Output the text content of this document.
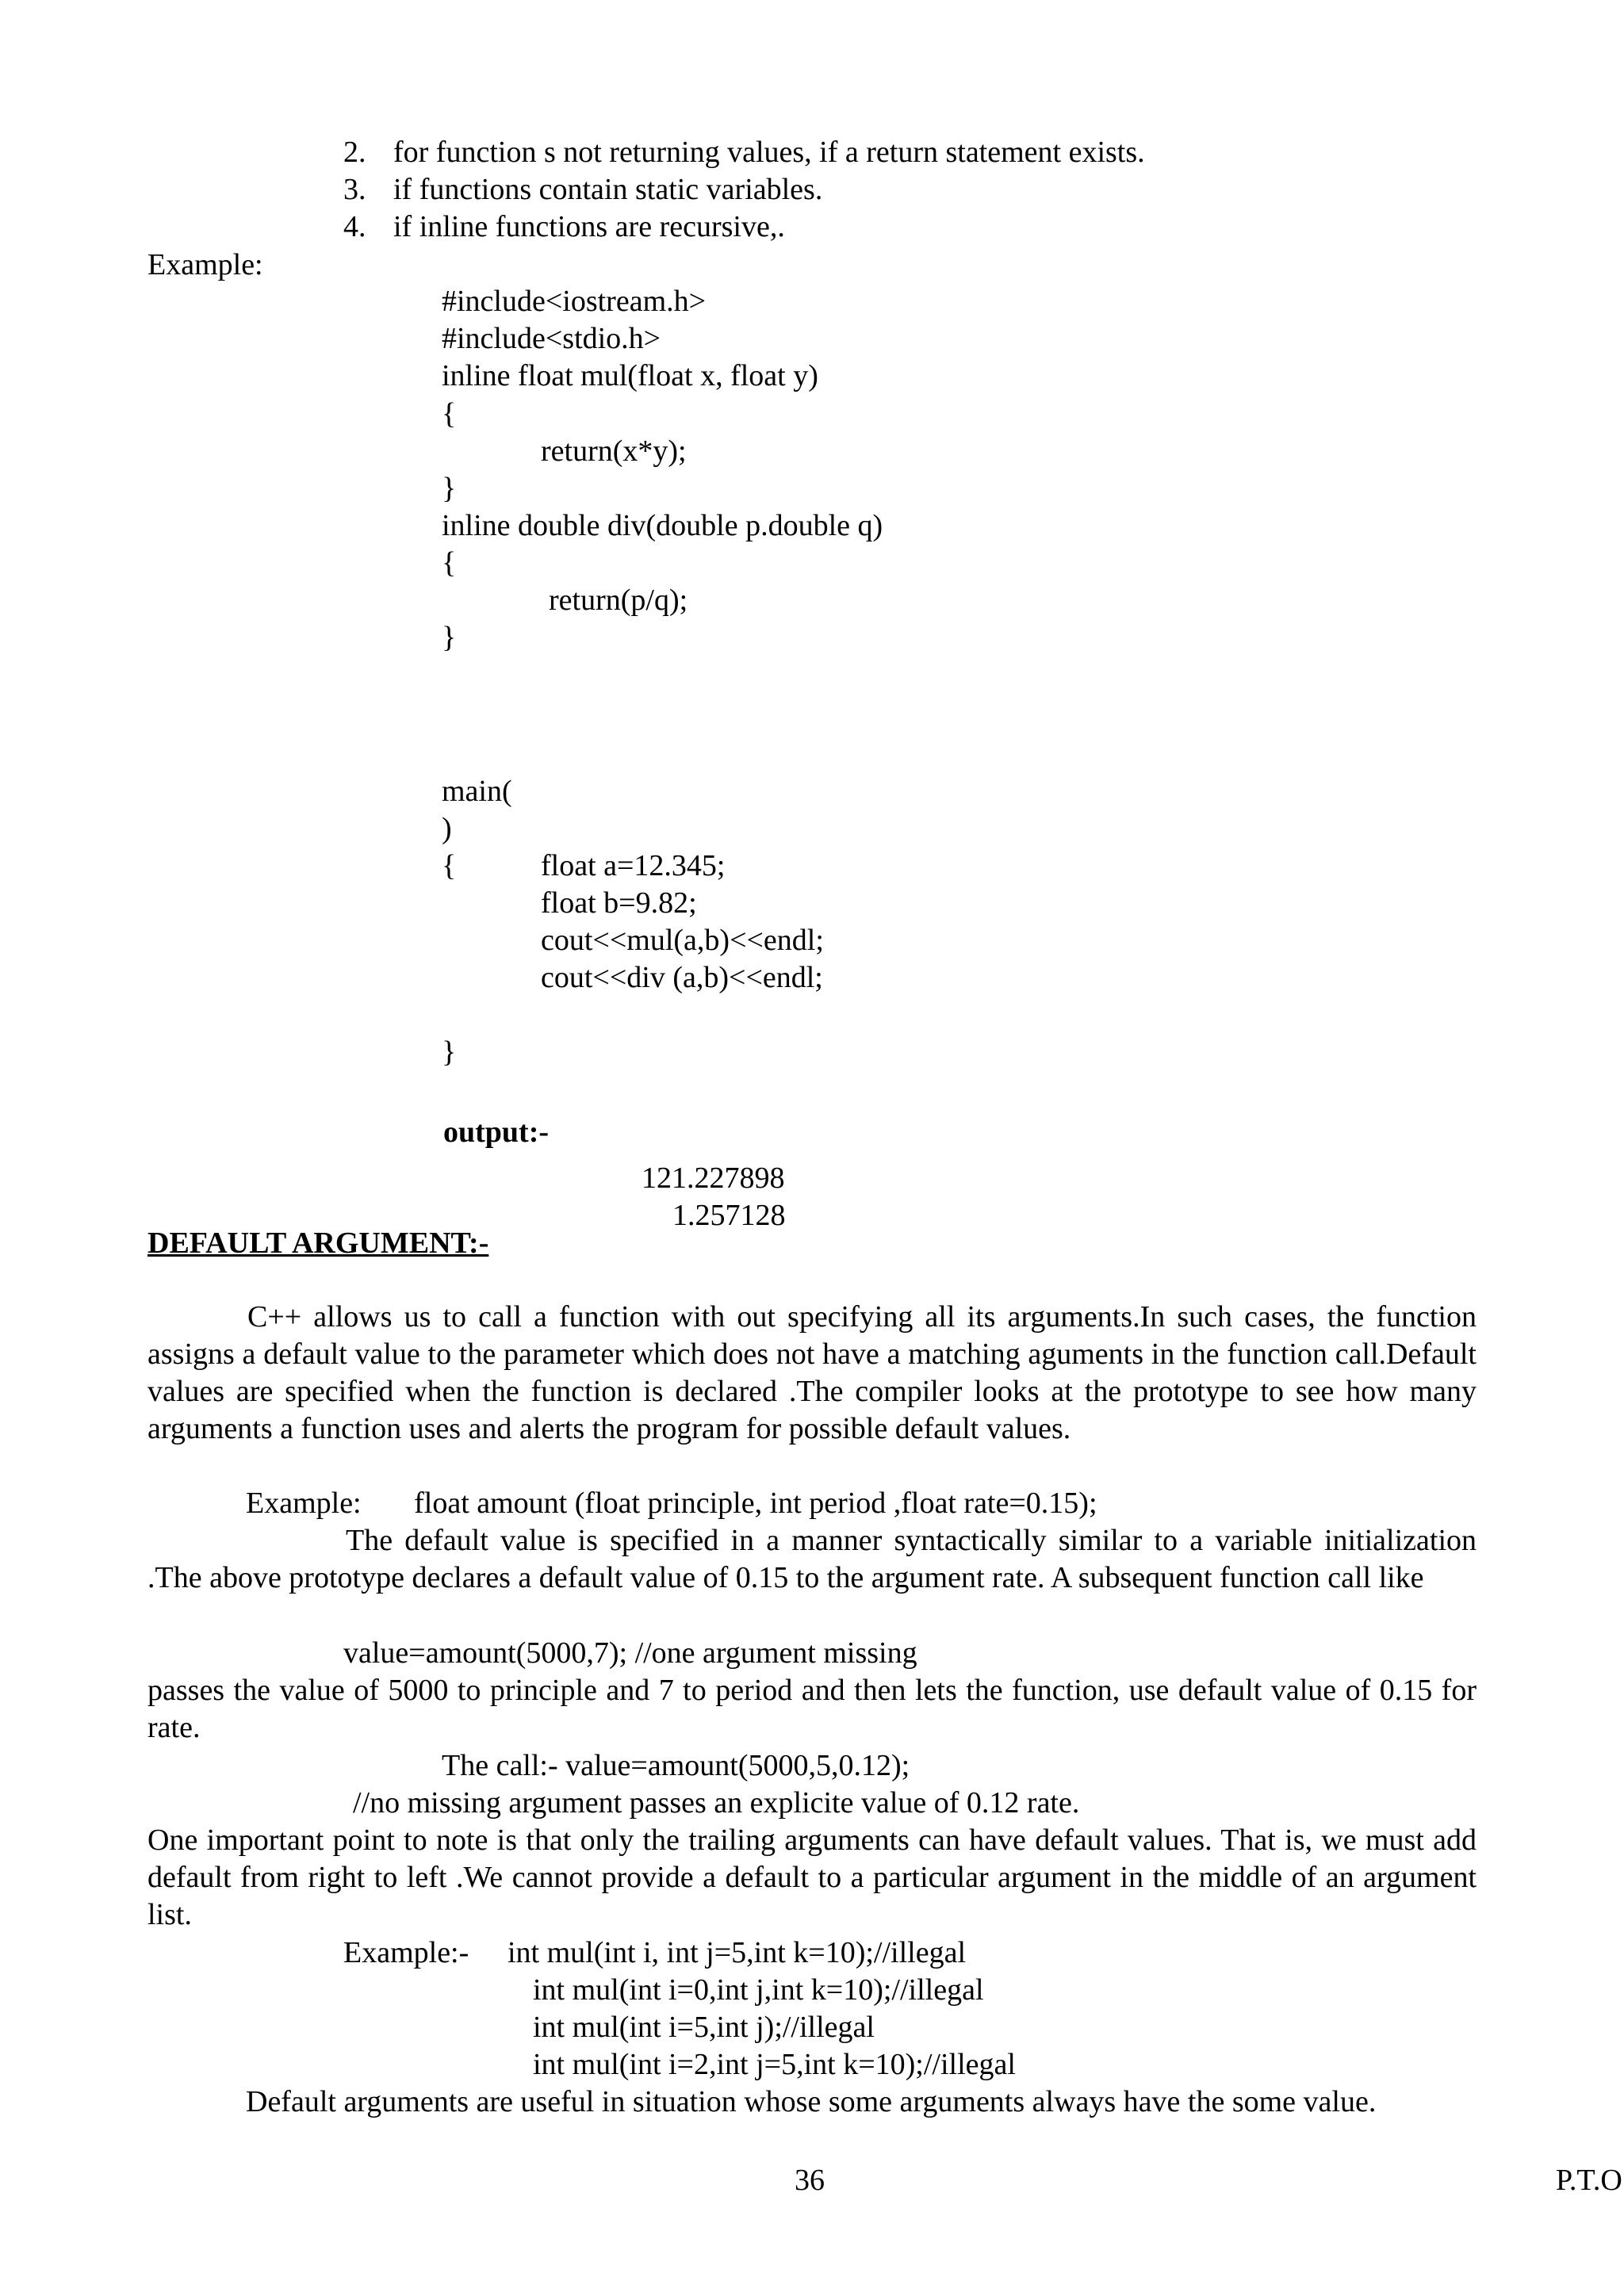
2. for function s not returning values, if a return statement exists.
3. if functions contain static variables.
4. if inline functions are recursive,.
Example:
#include<iostream.h>
#include<stdio.h>
inline float mul(float x, float y)
{
return(x*y);
}
inline double div(double p.double q)
{
return(p/q);
}
main(
)
{	float a=12.345;
float b=9.82;
cout<<mul(a,b)<<endl;
cout<<div (a,b)<<endl;
}
output:-
121.227898
1.257128
DEFAULT ARGUMENT:-
C++ allows us to call a function with out specifying all its arguments.In such cases, the function assigns a default value to the parameter which does not have a matching aguments in the function call.Default values are specified when the function is declared .The compiler looks at the prototype to see how many arguments a function uses and alerts the program for possible default values.
Example:       float amount (float principle, int period ,float rate=0.15);
The default value is specified in a manner syntactically similar to a variable initialization .The above prototype declares a default value of 0.15 to the argument rate. A subsequent function call like
value=amount(5000,7); //one argument missing
passes the value of 5000 to principle and 7 to period and then lets the function, use default value of 0.15 for rate.
The call:- value=amount(5000,5,0.12);
//no missing argument passes an explicite value of 0.12 rate.
One important point to note is that only the trailing arguments can have default values. That is, we must add default from right to left .We cannot provide a default to a particular argument in the middle of an argument list.
Example:- int mul(int i, int j=5,int k=10);//illegal
int mul(int i=0,int j,int k=10);//illegal
int mul(int i=5,int j);//illegal
int mul(int i=2,int j=5,int k=10);//illegal
Default arguments are useful in situation whose some arguments always have the some value.
36	P.T.O
